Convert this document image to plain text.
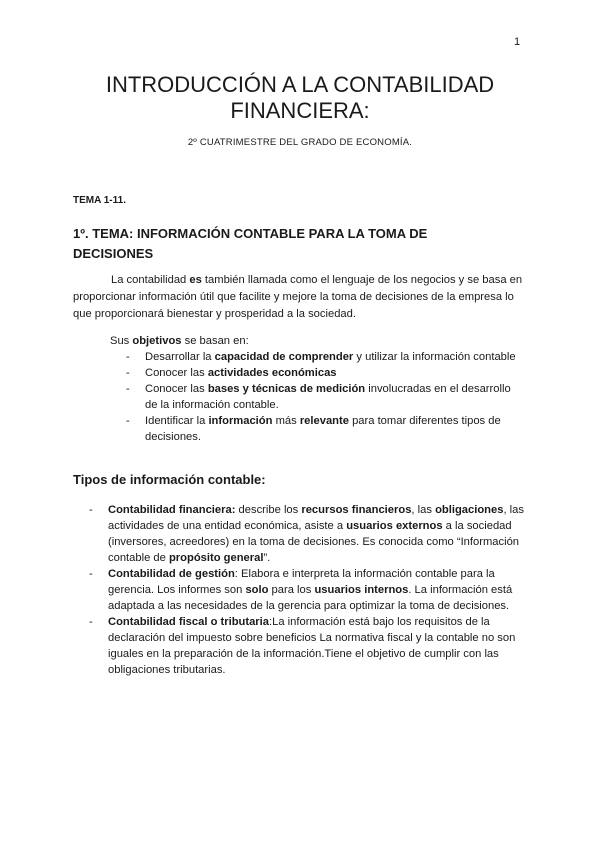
1
INTRODUCCIÓN A LA CONTABILIDAD
FINANCIERA:
2º CUATRIMESTRE DEL GRADO DE ECONOMÍA.
TEMA 1-11.
1º. TEMA: INFORMACIÓN CONTABLE PARA LA TOMA DE
DECISIONES

La contabilidad es también llamada como el lenguaje de los negocios y se basa en proporcionar información útil que facilite y mejore la toma de decisiones de la empresa lo que proporcionará bienestar y prosperidad a la sociedad.

Sus objetivos se basan en:
- Desarrollar la capacidad de comprender y utilizar la información contable
- Conocer las actividades económicas
- Conocer las bases y técnicas de medición involucradas en el desarrollo de la información contable.
- Identificar la información más relevante para tomar diferentes tipos de decisiones.
Tipos de información contable:
- Contabilidad financiera: describe los recursos financieros, las obligaciones, las actividades de una entidad económica, asiste a usuarios externos a la sociedad (inversores, acreedores) en la toma de decisiones. Es conocida como “Información contable de propósito general”.
- Contabilidad de gestión: Elabora e interpreta la información contable para la gerencia. Los informes son solo para los usuarios internos. La información está adaptada a las necesidades de la gerencia para optimizar la toma de decisiones.
- Contabilidad fiscal o tributaria:La información está bajo los requisitos de la declaración del impuesto sobre beneficios La normativa fiscal y la contable no son iguales en la preparación de la información.Tiene el objetivo de cumplir con las obligaciones tributarias.
